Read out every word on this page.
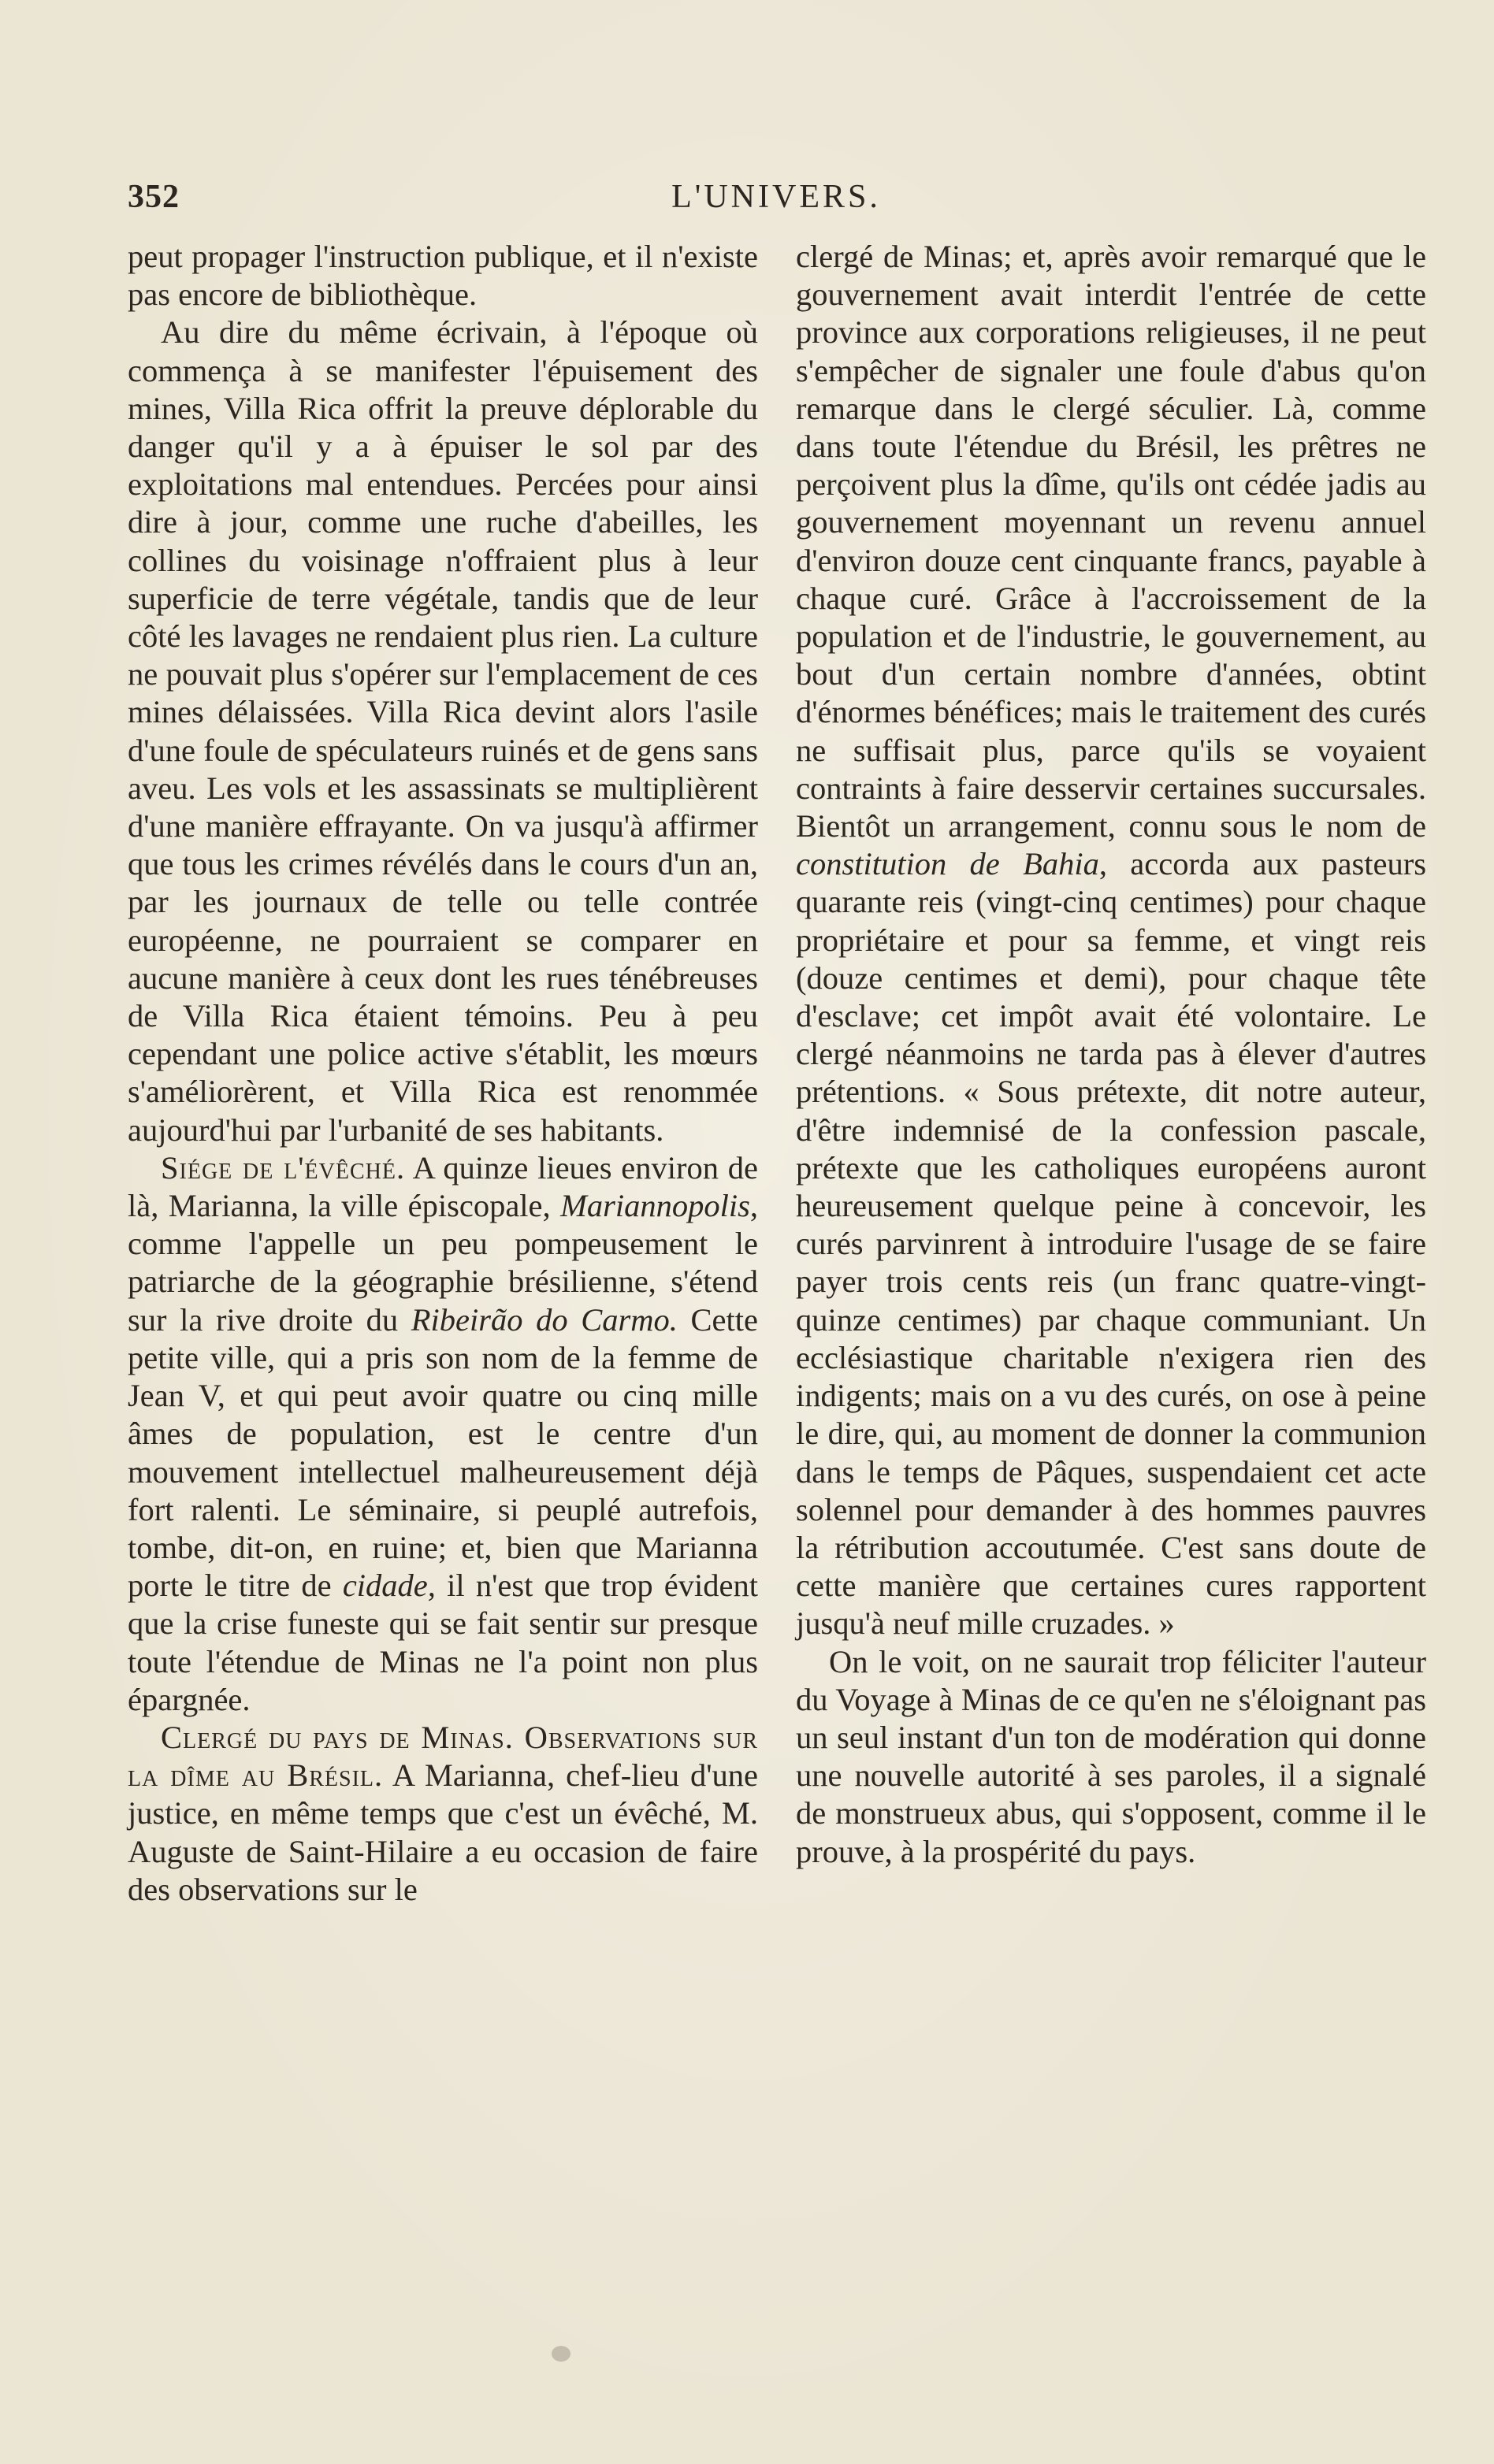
352	L'UNIVERS.

peut propager l'instruction publique, et il n'existe pas encore de bibliothèque.

Au dire du même écrivain, à l'époque où commença à se manifester l'épuisement des mines, Villa Rica offrit la preuve déplorable du danger qu'il y a à épuiser le sol par des exploitations mal entendues. Percées pour ainsi dire à jour, comme une ruche d'abeilles, les collines du voisinage n'offraient plus à leur superficie de terre végétale, tandis que de leur côté les lavages ne rendaient plus rien. La culture ne pouvait plus s'opérer sur l'emplacement de ces mines délaissées. Villa Rica devint alors l'asile d'une foule de spéculateurs ruinés et de gens sans aveu. Les vols et les assassinats se multiplièrent d'une manière effrayante. On va jusqu'à affirmer que tous les crimes révélés dans le cours d'un an, par les journaux de telle ou telle contrée européenne, ne pourraient se comparer en aucune manière à ceux dont les rues ténébreuses de Villa Rica étaient témoins. Peu à peu cependant une police active s'établit, les mœurs s'améliorèrent, et Villa Rica est renommée aujourd'hui par l'urbanité de ses habitants.

Siége de l'évêché. A quinze lieues environ de là, Marianna, la ville épiscopale, Mariannopolis, comme l'appelle un peu pompeusement le patriarche de la géographie brésilienne, s'étend sur la rive droite du Ribeirão do Carmo. Cette petite ville, qui a pris son nom de la femme de Jean V, et qui peut avoir quatre ou cinq mille âmes de population, est le centre d'un mouvement intellectuel malheureusement déjà fort ralenti. Le séminaire, si peuplé autrefois, tombe, dit-on, en ruine; et, bien que Marianna porte le titre de cidade, il n'est que trop évident que la crise funeste qui se fait sentir sur presque toute l'étendue de Minas ne l'a point non plus épargnée.

Clergé du pays de Minas. Observations sur la dîme au Brésil. A Marianna, chef-lieu d'une justice, en même temps que c'est un évêché, M. Auguste de Saint-Hilaire a eu occasion de faire des observations sur le

clergé de Minas; et, après avoir remarqué que le gouvernement avait interdit l'entrée de cette province aux corporations religieuses, il ne peut s'empêcher de signaler une foule d'abus qu'on remarque dans le clergé séculier. Là, comme dans toute l'étendue du Brésil, les prêtres ne perçoivent plus la dîme, qu'ils ont cédée jadis au gouvernement moyennant un revenu annuel d'environ douze cent cinquante francs, payable à chaque curé. Grâce à l'accroissement de la population et de l'industrie, le gouvernement, au bout d'un certain nombre d'années, obtint d'énormes bénéfices; mais le traitement des curés ne suffisait plus, parce qu'ils se voyaient contraints à faire desservir certaines succursales. Bientôt un arrangement, connu sous le nom de constitution de Bahia, accorda aux pasteurs quarante reis (vingt-cinq centimes) pour chaque propriétaire et pour sa femme, et vingt reis (douze centimes et demi), pour chaque tête d'esclave; cet impôt avait été volontaire. Le clergé néanmoins ne tarda pas à élever d'autres prétentions. « Sous prétexte, dit notre auteur, d'être indemnisé de la confession pascale, prétexte que les catholiques européens auront heureusement quelque peine à concevoir, les curés parvinrent à introduire l'usage de se faire payer trois cents reis (un franc quatre-vingt-quinze centimes) par chaque communiant. Un ecclésiastique charitable n'exigera rien des indigents; mais on a vu des curés, on ose à peine le dire, qui, au moment de donner la communion dans le temps de Pâques, suspendaient cet acte solennel pour demander à des hommes pauvres la rétribution accoutumée. C'est sans doute de cette manière que certaines cures rapportent jusqu'à neuf mille cruzades. »

On le voit, on ne saurait trop féliciter l'auteur du Voyage à Minas de ce qu'en ne s'éloignant pas un seul instant d'un ton de modération qui donne une nouvelle autorité à ses paroles, il a signalé de monstrueux abus, qui s'opposent, comme il le prouve, à la prospérité du pays.
